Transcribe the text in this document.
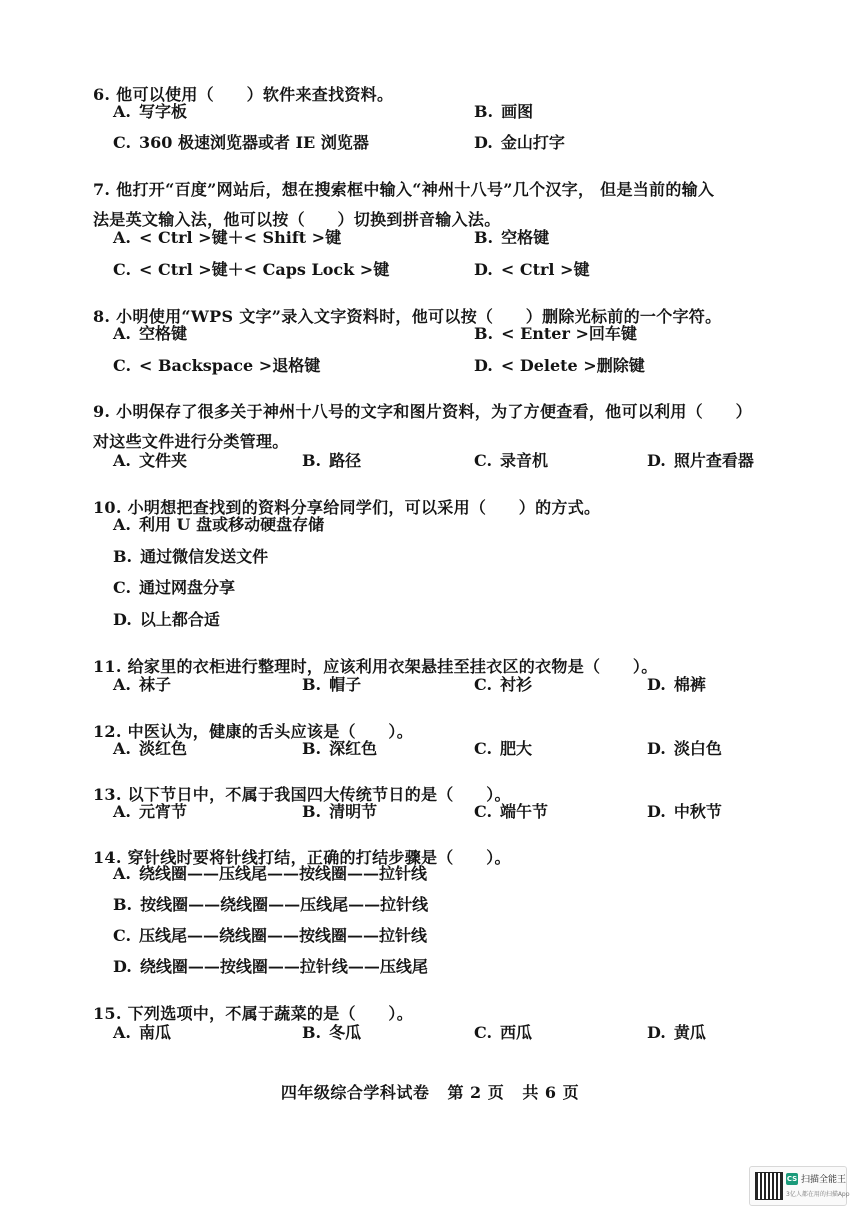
6. 他可以使用（　　）软件来查找资料。
A. 写字板	B. 画图
C. 360 极速浏览器或者 IE 浏览器	D. 金山打字
7. 他打开“百度”网站后，想在搜索框中输入“神州十八号”几个汉字， 但是当前的输入
法是英文输入法，他可以按（　　）切换到拼音输入法。
A. < Ctrl >键＋< Shift >键	B. 空格键
C. < Ctrl >键＋< Caps Lock >键	D. < Ctrl >键
8. 小明使用“WPS 文字”录入文字资料时，他可以按（　　）删除光标前的一个字符。
A. 空格键	B. < Enter >回车键
C. < Backspace >退格键	D. < Delete >删除键
9. 小明保存了很多关于神州十八号的文字和图片资料，为了方便查看，他可以利用（　　）
对这些文件进行分类管理。
A. 文件夹	B. 路径	C. 录音机	D. 照片查看器
10. 小明想把查找到的资料分享给同学们，可以采用（　　）的方式。
A. 利用 U 盘或移动硬盘存储
B. 通过微信发送文件
C. 通过网盘分享
D. 以上都合适
11. 给家里的衣柜进行整理时，应该利用衣架悬挂至挂衣区的衣物是（　　）。
A. 袜子	B. 帽子	C. 衬衫	D. 棉裤
12. 中医认为，健康的舌头应该是（　　）。
A. 淡红色	B. 深红色	C. 肥大	D. 淡白色
13. 以下节日中，不属于我国四大传统节日的是（　　）。
A. 元宵节	B. 清明节	C. 端午节	D. 中秋节
14. 穿针线时要将针线打结，正确的打结步骤是（　　）。
A. 绕线圈——压线尾——按线圈——拉针线
B. 按线圈——绕线圈——压线尾——拉针线
C. 压线尾——绕线圈——按线圈——拉针线
D. 绕线圈——按线圈——拉针线——压线尾
15. 下列选项中，不属于蔬菜的是（　　）。
A. 南瓜	B. 冬瓜	C. 西瓜	D. 黄瓜
四年级综合学科试卷 第 2 页 共 6 页
CS 扫描全能王
3亿人都在用的扫描App
